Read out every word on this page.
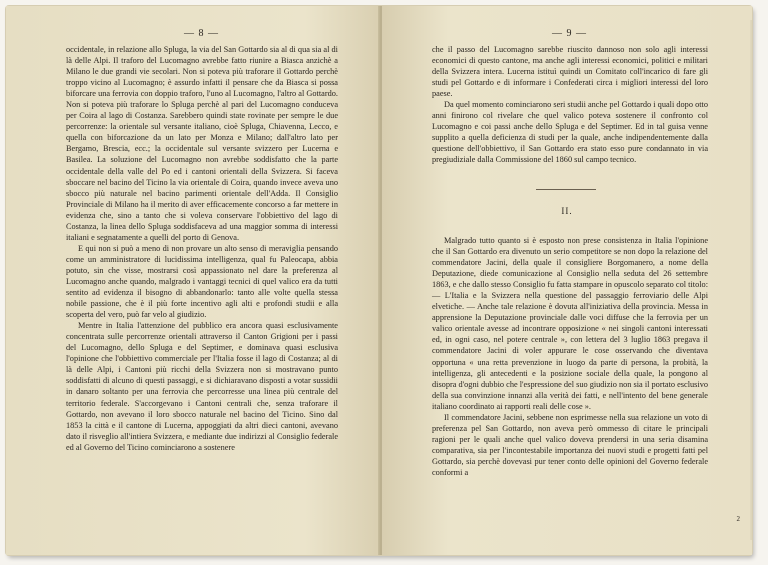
— 8 —

occidentale, in relazione allo Splugа, la via del San Gottardo sia al di qua sia al di là delle Alpi. Il traforo del Lucomagno avrebbe fatto riunire a Biasca anzichè a Milano le due grandi vie secolari. Non si poteva più traforare il Gottardo perchè troppo vicino al Lucomagno; è assurdo infatti il pensare che da Biasca si possa biforcare una ferrovia con doppio traforo, l'uno al Lucomagno, l'altro al Gottardo. Non si poteva più traforare lo Spluga perchè al pari del Lucomagno conduceva per Coira al lago di Costanza. Sarebbero quindi state rovinate per sempre le due percorrenze: la orientale sul versante italiano, cioè Spluga, Chiavenna, Lecco, e quella con biforcazione da un lato per Monza e Milano; dall'altro lato per Bergamo, Brescia, ecc.; la occidentale sul versante svizzero per Lucerna e Basilea. La soluzione del Lucomagno non avrebbe soddisfatto che la parte occidentale della valle del Po ed i cantoni orientali della Svizzera. Si faceva sboccare nel bacino del Ticino la via orientale di Coira, quando invece aveva uno sbocco più naturale nel bacino parimenti orientale dell'Adda. Il Consiglio Provinciale di Milano ha il merito di aver efficacemente concorso a far mettere in evidenza che, sino a tanto che si voleva conservare l'obbiettivo del lago di Costanza, la linea dello Spluga soddisfaceva ad una maggior somma di interessi italiani e segnatamente a quelli del porto di Genova.

E qui non si può a meno di non provare un alto senso di meraviglia pensando come un amministratore di lucidissima intelligenza, qual fu Paleocapa, abbia potuto, sin che visse, mostrarsi così appassionato nel dare la preferenza al Lucomagno anche quando, malgrado i vantaggi tecnici di quel valico era da tutti sentito ad evidenza il bisogno di abbandonarlo: tanto alle volte quella stessa nobile passione, che è il più forte incentivo agli alti e profondi studii e alla scoperta del vero, può far velo al giudizio.

Mentre in Italia l'attenzione del pubblico era ancora quasi esclusivamente concentrata sulle percorrenze orientali attraverso il Canton Grigioni per i passi del Lucomagno, dello Spluga e del Septimer, e dominava quasi esclusiva l'opinione che l'obbiettivo commerciale per l'Italia fosse il lago di Costanza; al di là delle Alpi, i Cantoni più ricchi della Svizzera non si mostravano punto soddisfatti di alcuno di questi passaggi, e si dichiaravano disposti a votar sussidii in danaro soltanto per una ferrovia che percorresse una linea più centrale del territorio federale. S'accorgevano i Cantoni centrali che, senza traforare il Gottardo, non avevano il loro sbocco naturale nel bacino del Ticino. Sino dal 1853 la città e il cantone di Lucerna, appoggiati da altri dieci cantoni, avevano dato il risveglio all'intiera Svizzera, e mediante due indirizzi al Consiglio federale ed al Governo del Ticino cominciarono a sostenere

— 9 —

che il passo del Lucomagno sarebbe riuscito dannoso non solo agli interessi economici di questo cantone, ma anche agli interessi economici, politici e militari della Svizzera intera. Lucerna istituì quindi un Comitato coll'incarico di fare gli studi pel Gottardo e di informare i Confederati circa i migliori interessi del loro paese.

Da quel momento cominciarono seri studii anche pel Gottardo i quali dopo otto anni finirono col rivelare che quel valico poteva sostenere il confronto col Lucomagno e coi passi anche dello Spluga e del Septimer. Ed in tal guisa venne supplito a quella deficienza di studi per la quale, anche indipendentemente dalla questione dell'obbiettivo, il San Gottardo era stato esso pure condannato in via pregiudiziale dalla Commissione del 1860 sul campo tecnico.

II.

Malgrado tutto quanto si è esposto non prese consistenza in Italia l'opinione che il San Gottardo era divenuto un serio competitore se non dopo la relazione del commendatore Jacini, della quale il consigliere Borgomanero, a nome della Deputazione, diede comunicazione al Consiglio nella seduta del 26 settembre 1863, e che dallo stesso Consiglio fu fatta stampare in opuscolo separato col titolo: — L'Italia e la Svizzera nella questione del passaggio ferroviario delle Alpi elvetiche. — Anche tale relazione è dovuta all'iniziativa della provincia. Messa in apprensione la Deputazione provinciale dalle voci diffuse che la ferrovia per un valico orientale avesse ad incontrare opposizione « nei singoli cantoni interessati ed, in ogni caso, nel potere centrale », con lettera del 3 luglio 1863 pregava il commendatore Jacini di voler appurare le cose osservando che diventava opportuna « una retta prevenzione in luogo da parte di persona, la probità, la intelligenza, gli antecedenti e la posizione sociale della quale, la pongono al disopra d'ogni dubbio che l'espressione del suo giudizio non sia il portato esclusivo della sua convinzione innanzi alla verità dei fatti, e nell'intento del bene generale italiano coordinato ai rapporti reali delle cose ».

Il commendatore Jacini, sebbene non esprimesse nella sua relazione un voto di preferenza pel San Gottardo, non aveva però ommesso di citare le principali ragioni per le quali anche quel valico doveva prendersi in una seria disamina comparativa, sia per l'incontestabile importanza dei nuovi studi e progetti fatti pel Gottardo, sia perchè dovevasi pur tener conto delle opinioni del Governo federale conformi a

2
